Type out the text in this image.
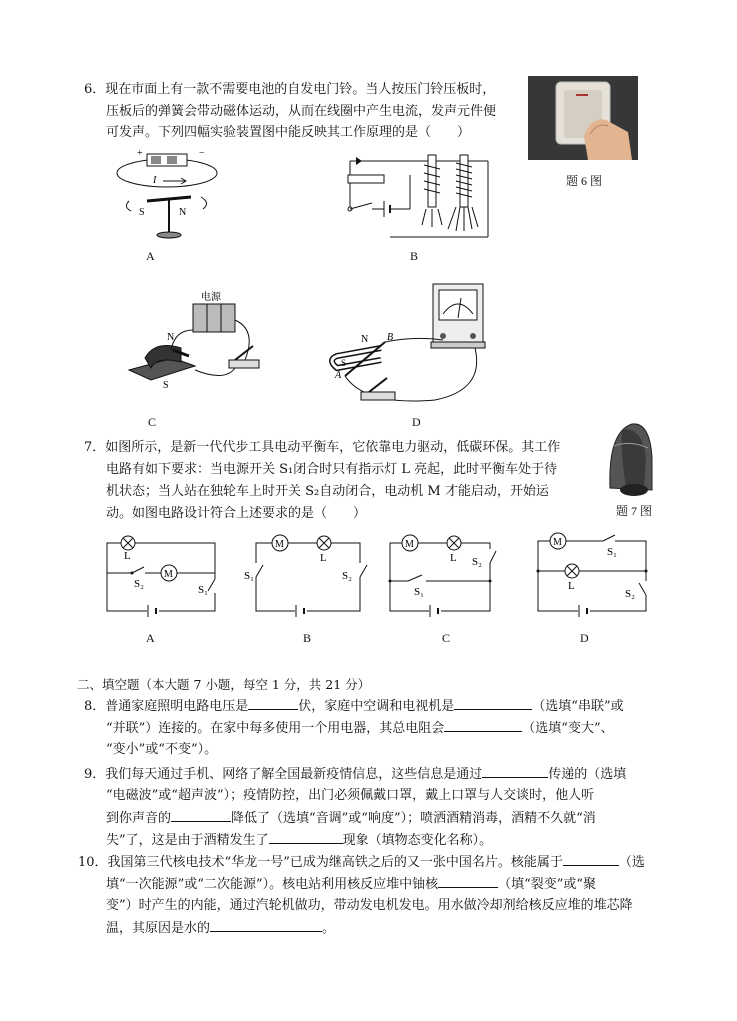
6．现在市面上有一款不需要电池的自发电门铃。当人按压门铃压板时，
压板后的弹簧会带动磁体运动，从而在线圈中产生电流，发声元件便
可发声。下列四幅实验装置图中能反映其工作原理的是（　　）
题 6 图
+	−
I
S	N
A	B
电源
N
S
C
N B
A
S
D
7．如图所示，是新一代代步工具电动平衡车，它依靠电力驱动，低碳环保。其工作
电路有如下要求：当电源开关 S₁闭合时只有指示灯 L 亮起，此时平衡车处于待
机状态；当人站在独轮车上时开关 S₂自动闭合，电动机 M 才能启动，开始运
动。如图电路设计符合上述要求的是（　　）	题 7 图
L
S₂
M
S₁
A
M
L
S₁	S₂
B
M
L S₂
S₁
C
M
S₁
L
S₂
D
二、填空题（本大题 7 小题，每空 1 分，共 21 分）
8．普通家庭照明电路电压是	伏，家庭中空调和电视机是	（选填“串联”或
“并联”）连接的。在家中每多使用一个用电器，其总电阻会	（选填“变大”、
“变小”或“不变”）。
9．我们每天通过手机、网络了解全国最新疫情信息，这些信息是通过	传递的（选填
“电磁波”或“超声波”）；疫情防控，出门必须佩戴口罩，戴上口罩与人交谈时，他人听
到你声音的	降低了（选填“音调”或“响度”）；喷洒酒精消毒，酒精不久就“消
失”了，这是由于酒精发生了	现象（填物态变化名称）。
10．我国第三代核电技术“华龙一号”已成为继高铁之后的又一张中国名片。核能属于	（选
填“一次能源”或“二次能源”）。核电站利用核反应堆中铀核	（填“裂变”或“聚
变”）时产生的内能，通过汽轮机做功，带动发电机发电。用水做冷却剂给核反应堆的堆芯降
温，其原因是水的	。
